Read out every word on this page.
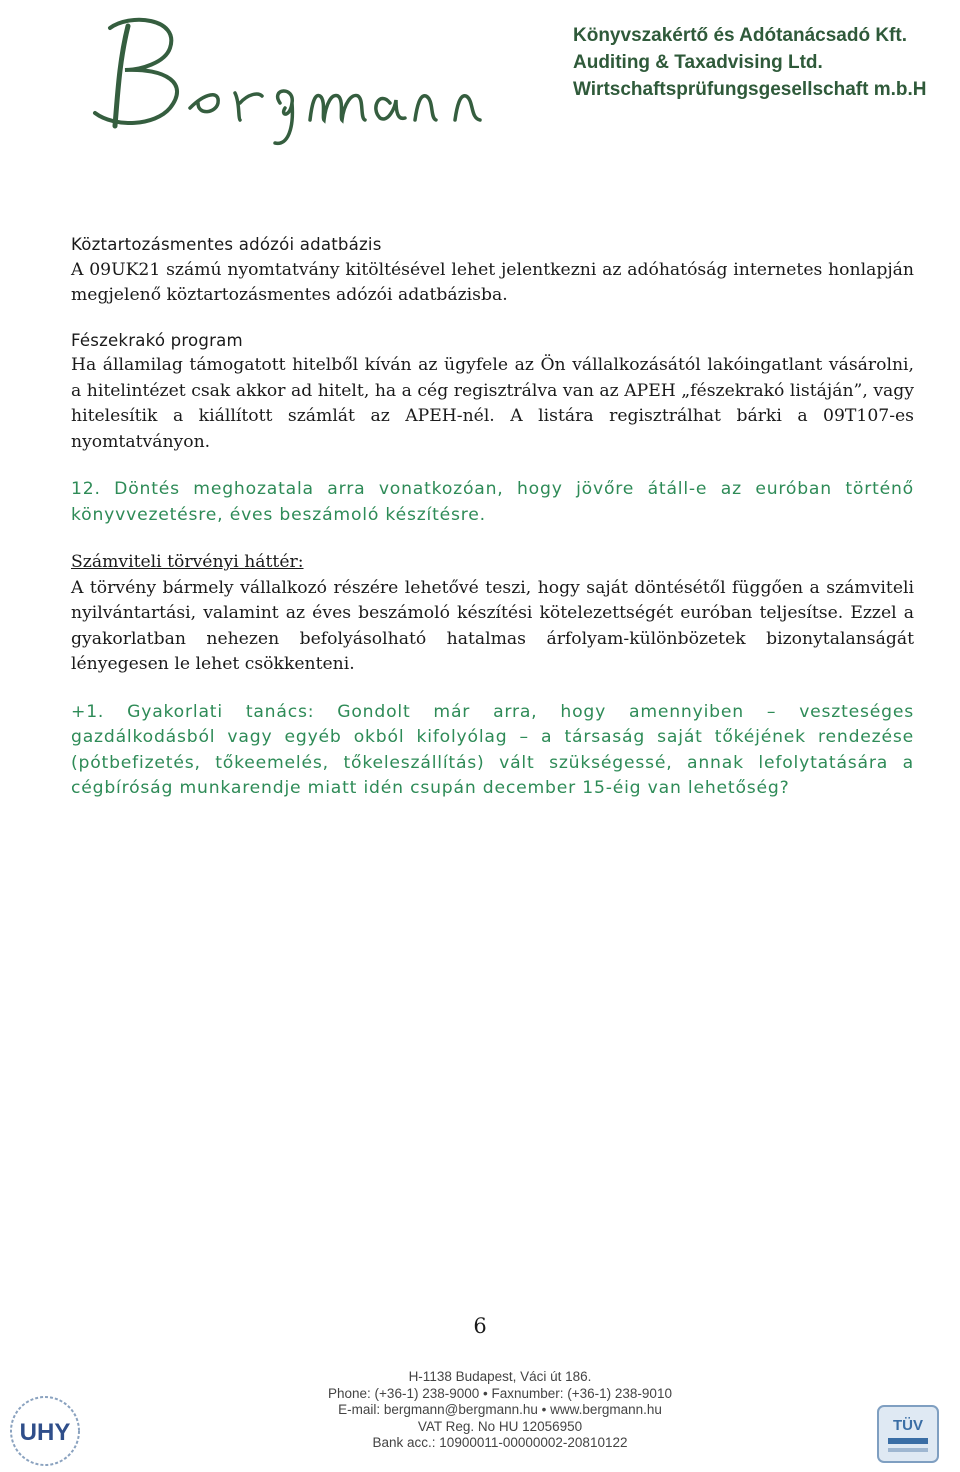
Könyvszakértő és Adótanácsadó Kft.
Auditing & Taxadvising Ltd.
Wirtschaftsprüfungsgesellschaft m.b.H

Köztartozásmentes adózói adatbázis

A 09UK21 számú nyomtatvány kitöltésével lehet jelentkezni az adóhatóság internetes honlapján megjelenő köztartozásmentes adózói adatbázisba.

Fészekrakó program

Ha államilag támogatott hitelből kíván az ügyfele az Ön vállalkozásától lakóingatlant vásárolni, a hitelintézet csak akkor ad hitelt, ha a cég regisztrálva van az APEH „fészekrakó listáján”, vagy hitelesítik a kiállított számlát az APEH-nél. A listára regisztrálhat bárki a 09T107-es nyomtatványon.

12. Döntés meghozatala arra vonatkozóan, hogy jövőre átáll-e az euróban történő könyvvezetésre, éves beszámoló készítésre.

Számviteli törvényi háttér:

A törvény bármely vállalkozó részére lehetővé teszi, hogy saját döntésétől függően a számviteli nyilvántartási, valamint az éves beszámoló készítési kötelezettségét euróban teljesítse. Ezzel a gyakorlatban nehezen befolyásolható hatalmas árfolyam-különbözetek bizonytalanságát lényegesen le lehet csökkenteni.

+1. Gyakorlati tanács: Gondolt már arra, hogy amennyiben – veszteséges gazdálkodásból vagy egyéb okból kifolyólag – a társaság saját tőkéjének rendezése (pótbefizetés, tőkeemelés, tőkeleszállítás) vált szükségessé, annak lefolytatására a cégbíróság munkarendje miatt idén csupán december 15-éig van lehetőség?

6
UHY
H-1138 Budapest, Váci út 186.
Phone: (+36-1) 238-9000 • Faxnumber: (+36-1) 238-9010
E-mail: bergmann@bergmann.hu • www.bergmann.hu
VAT Reg. No HU 12056950
Bank acc.: 10900011-00000002-20810122
TÜV
